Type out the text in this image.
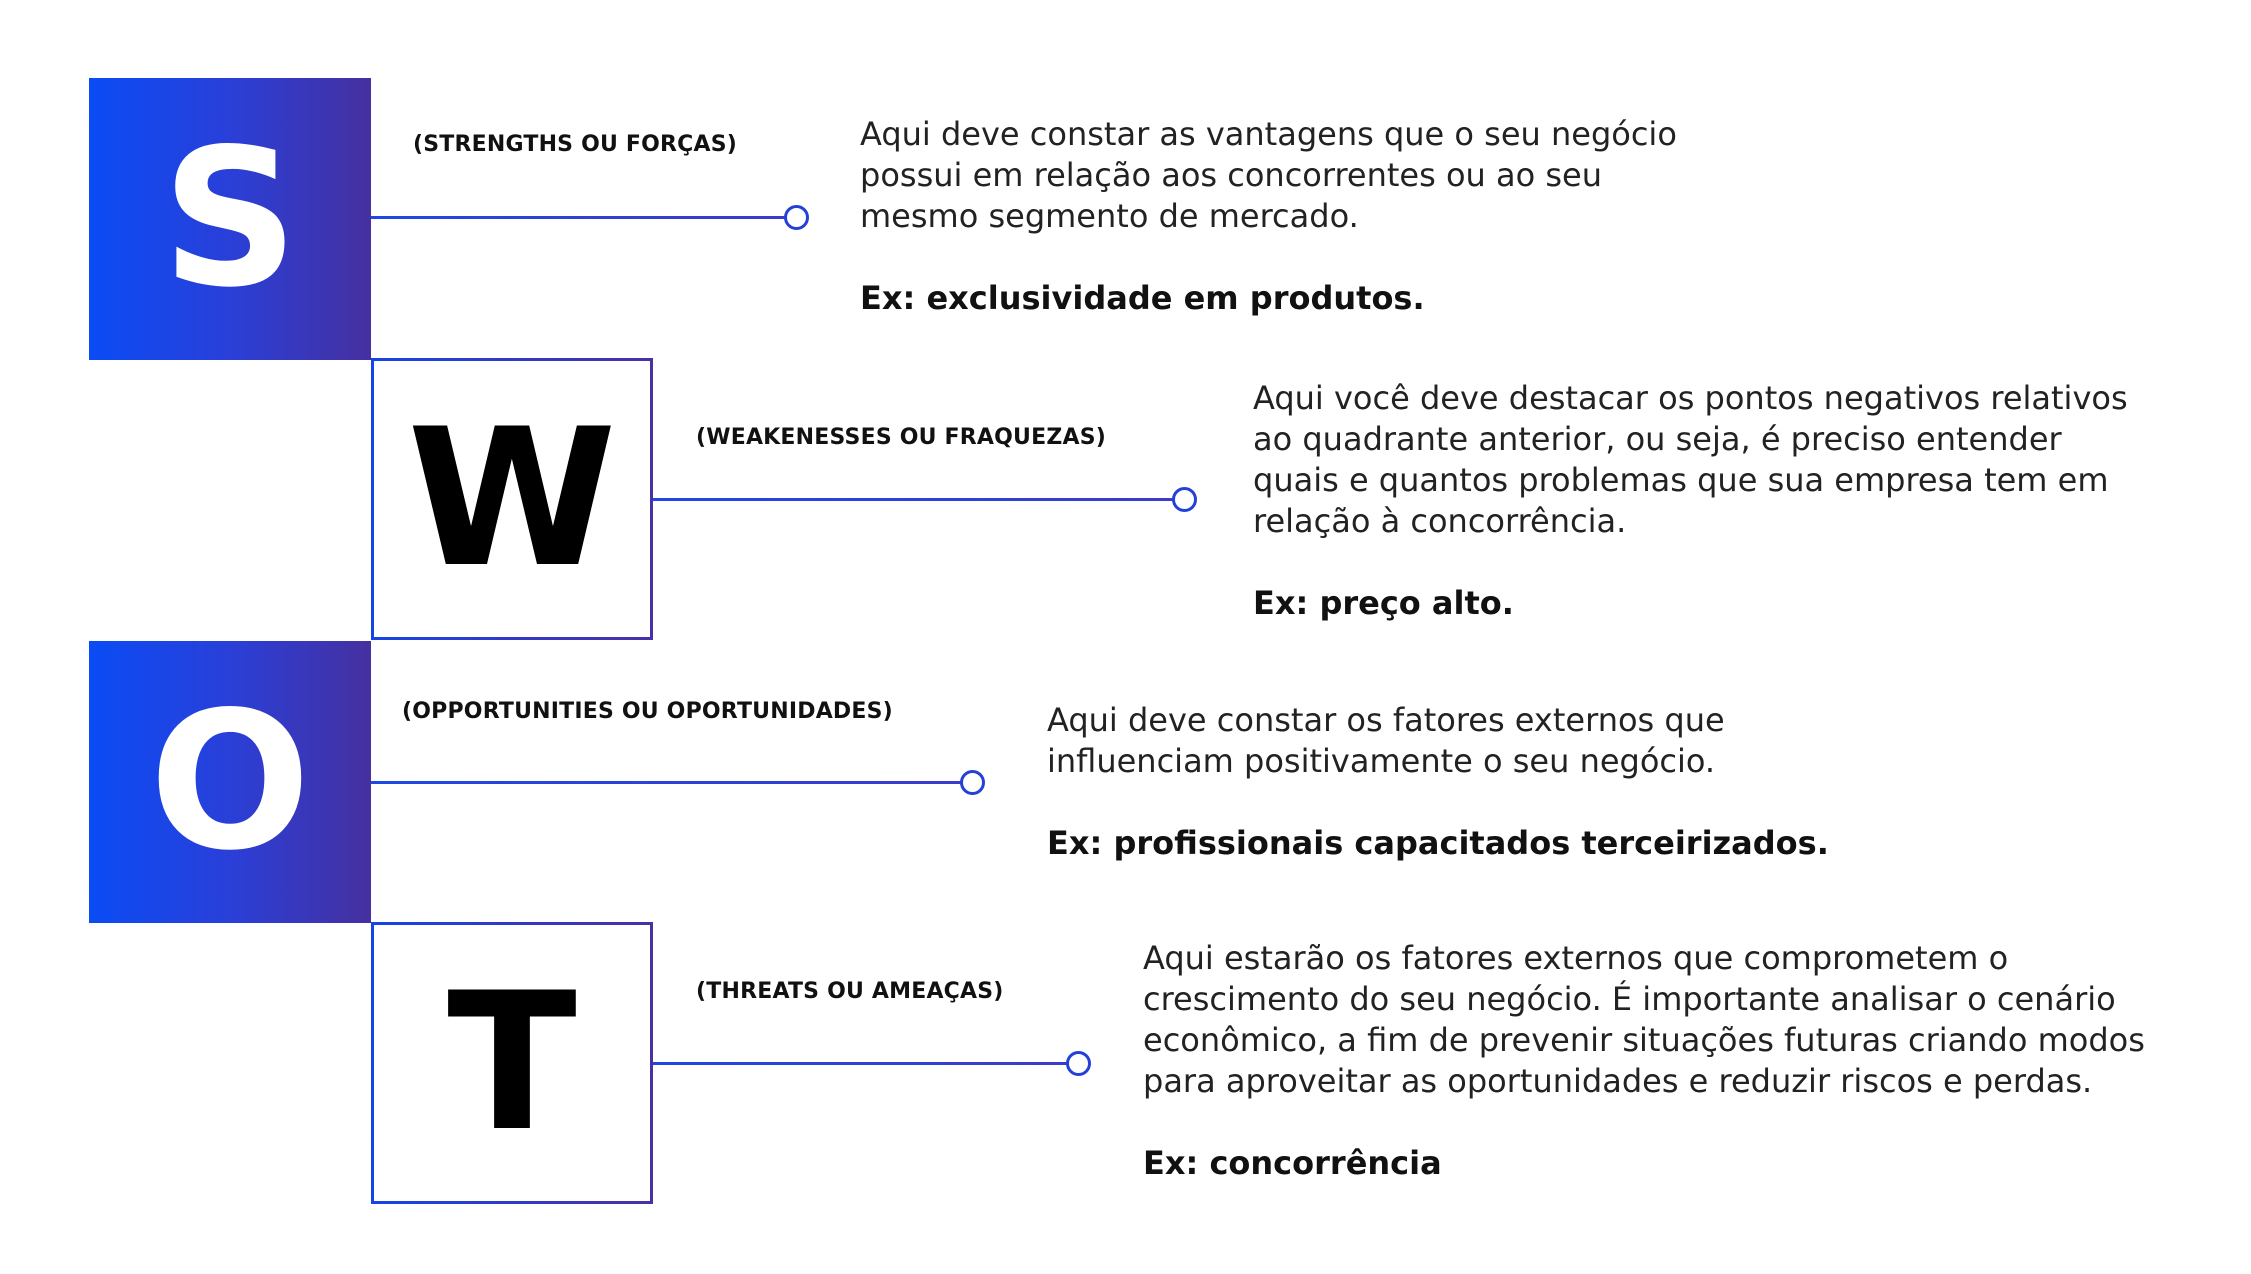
S	(STRENGTHS OU FORÇAS)	Aqui deve constar as vantagens que o seu negócio possui em relação aos concorrentes ou ao seu mesmo segmento de mercado.

Ex: exclusividade em produtos.

W	(WEAKENESSES OU FRAQUEZAS)

Aqui você deve destacar os pontos negativos relativos ao quadrante anterior, ou seja, é preciso entender quais e quantos problemas que sua empresa tem em relação à concorrência.

Ex: preço alto.

O	(OPPORTUNITIES OU OPORTUNIDADES)	Aqui deve constar os fatores externos que influenciam positivamente o seu negócio.

Ex: profissionais capacitados terceirizados.

T	(THREATS OU AMEAÇAS)

Aqui estarão os fatores externos que comprometem o crescimento do seu negócio. É importante analisar o cenário econômico, a fim de prevenir situações futuras criando modos para aproveitar as oportunidades e reduzir riscos e perdas.

Ex: concorrência
